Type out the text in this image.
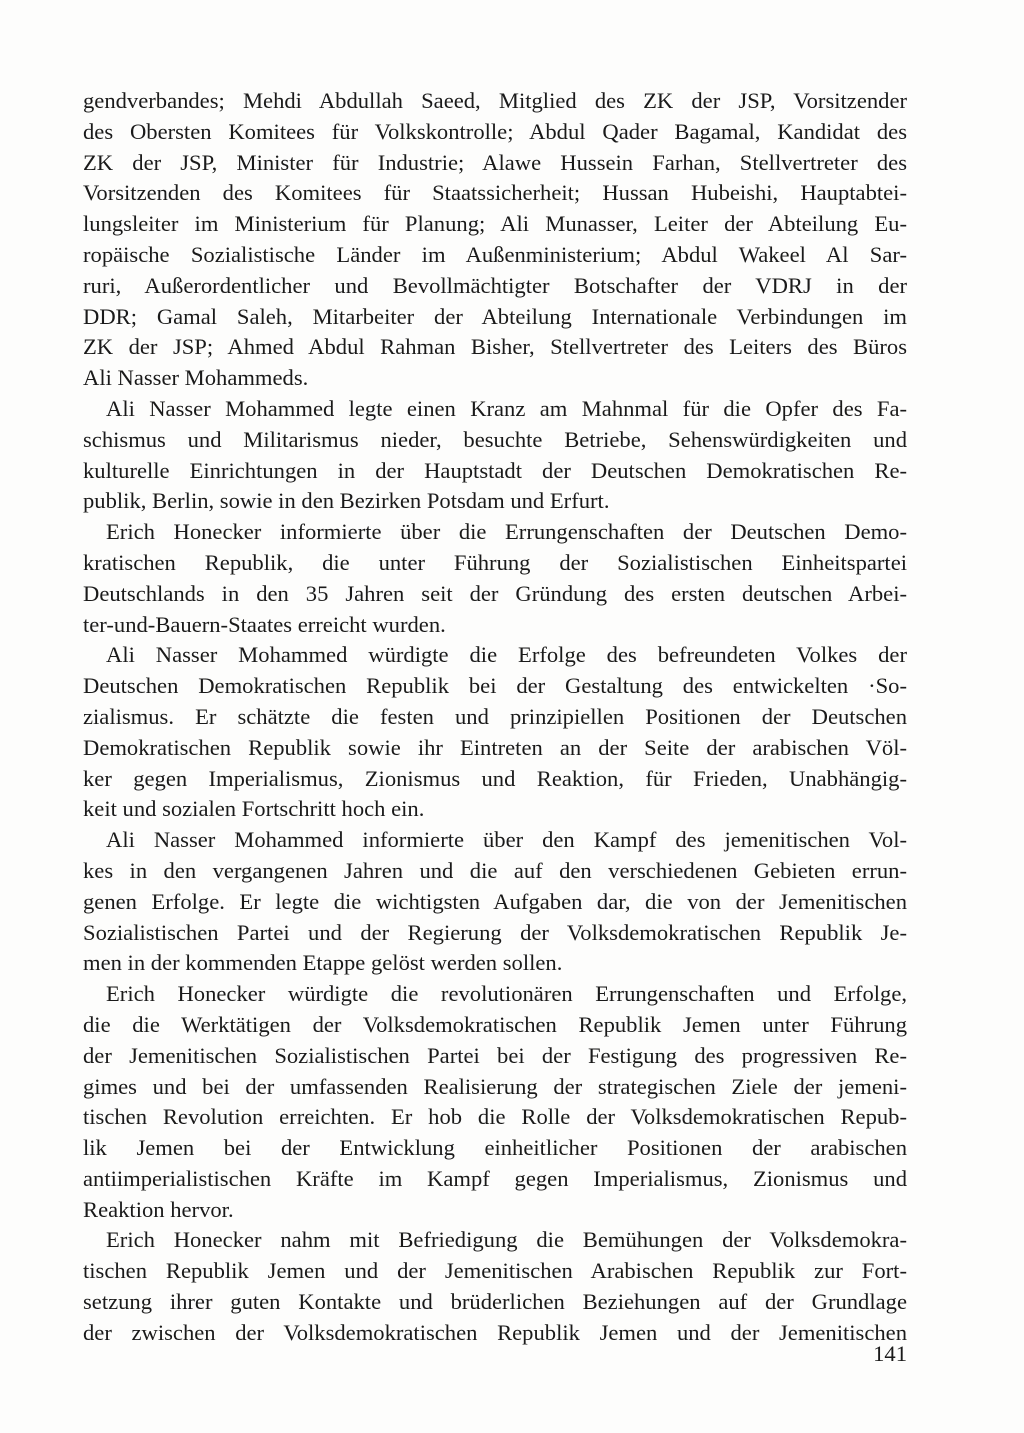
gendverbandes; Mehdi Abdullah Saeed, Mitglied des ZK der JSP, Vorsitzender
des Obersten Komitees für Volkskontrolle; Abdul Qader Bagamal, Kandidat des
ZK der JSP, Minister für Industrie; Alawe Hussein Farhan, Stellvertreter des
Vorsitzenden des Komitees für Staatssicherheit; Hussan Hubeishi, Hauptabtei-
lungsleiter im Ministerium für Planung; Ali Munasser, Leiter der Abteilung Eu-
ropäische Sozialistische Länder im Außenministerium; Abdul Wakeel Al Sar-
ruri, Außerordentlicher und Bevollmächtigter Botschafter der VDRJ in der
DDR; Gamal Saleh, Mitarbeiter der Abteilung Internationale Verbindungen im
ZK der JSP; Ahmed Abdul Rahman Bisher, Stellvertreter des Leiters des Büros
Ali Nasser Mohammeds.
Ali Nasser Mohammed legte einen Kranz am Mahnmal für die Opfer des Fa-
schismus und Militarismus nieder, besuchte Betriebe, Sehenswürdigkeiten und
kulturelle Einrichtungen in der Hauptstadt der Deutschen Demokratischen Re-
publik, Berlin, sowie in den Bezirken Potsdam und Erfurt.
Erich Honecker informierte über die Errungenschaften der Deutschen Demo-
kratischen Republik, die unter Führung der Sozialistischen Einheitspartei
Deutschlands in den 35 Jahren seit der Gründung des ersten deutschen Arbei-
ter-und-Bauern-Staates erreicht wurden.
Ali Nasser Mohammed würdigte die Erfolge des befreundeten Volkes der
Deutschen Demokratischen Republik bei der Gestaltung des entwickelten ·So-
zialismus. Er schätzte die festen und prinzipiellen Positionen der Deutschen
Demokratischen Republik sowie ihr Eintreten an der Seite der arabischen Völ-
ker gegen Imperialismus, Zionismus und Reaktion, für Frieden, Unabhängig-
keit und sozialen Fortschritt hoch ein.
Ali Nasser Mohammed informierte über den Kampf des jemenitischen Vol-
kes in den vergangenen Jahren und die auf den verschiedenen Gebieten errun-
genen Erfolge. Er legte die wichtigsten Aufgaben dar, die von der Jemenitischen
Sozialistischen Partei und der Regierung der Volksdemokratischen Republik Je-
men in der kommenden Etappe gelöst werden sollen.
Erich Honecker würdigte die revolutionären Errungenschaften und Erfolge,
die die Werktätigen der Volksdemokratischen Republik Jemen unter Führung
der Jemenitischen Sozialistischen Partei bei der Festigung des progressiven Re-
gimes und bei der umfassenden Realisierung der strategischen Ziele der jemeni-
tischen Revolution erreichten. Er hob die Rolle der Volksdemokratischen Repub-
lik Jemen bei der Entwicklung einheitlicher Positionen der arabischen
antiimperialistischen Kräfte im Kampf gegen Imperialismus, Zionismus und
Reaktion hervor.
Erich Honecker nahm mit Befriedigung die Bemühungen der Volksdemokra-
tischen Republik Jemen und der Jemenitischen Arabischen Republik zur Fort-
setzung ihrer guten Kontakte und brüderlichen Beziehungen auf der Grundlage
der zwischen der Volksdemokratischen Republik Jemen und der Jemenitischen
141
